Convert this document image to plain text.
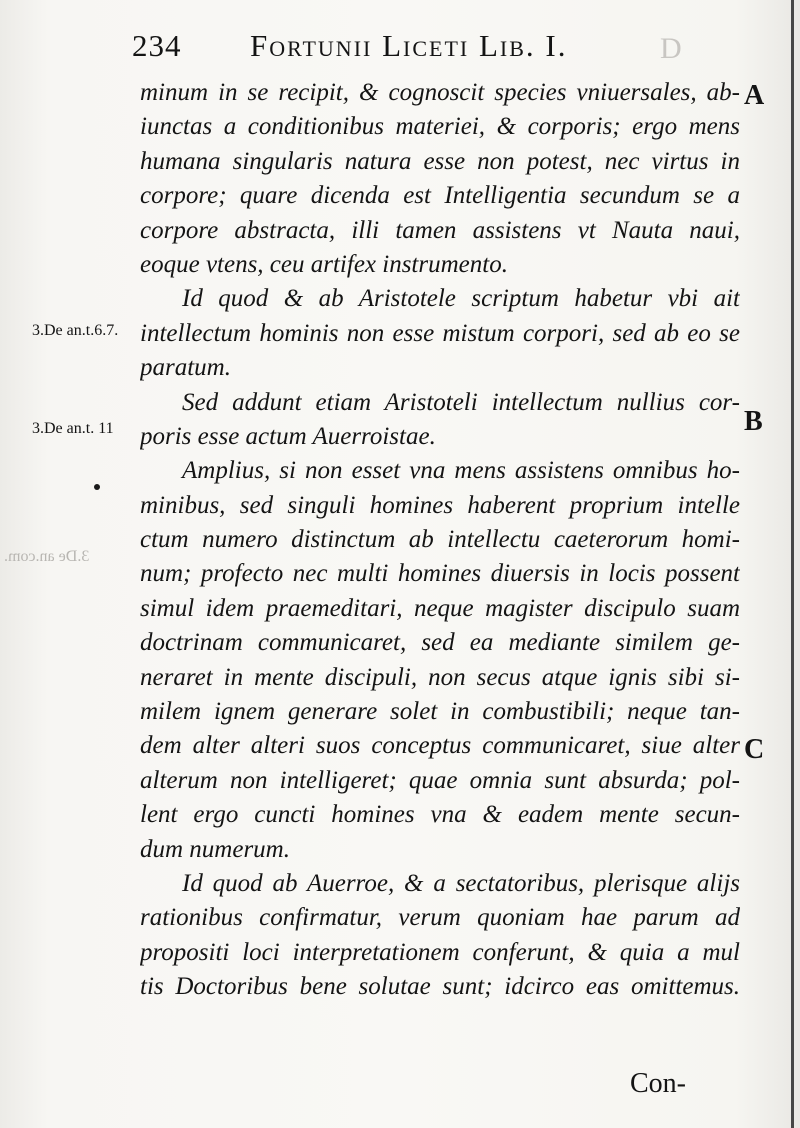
234 Fortunii Liceti Lib. I.	D
3.De an.t.6.7.
3.De an.t. 11
3.De an.com.
A
B
C
minum in se recipit, & cognoscit species vniuersales, ab-
iunctas a conditionibus materiei, & corporis; ergo mens
humana singularis natura esse non potest, nec virtus in
corpore; quare dicenda est Intelligentia secundum se a
corpore abstracta, illi tamen assistens vt Nauta naui,
eoque vtens, ceu artifex instrumento.
Id quod & ab Aristotele scriptum habetur vbi ait
intellectum hominis non esse mistum corpori, sed ab eo se
paratum.
Sed addunt etiam Aristoteli intellectum nullius cor-
poris esse actum Auerroistae.
Amplius, si non esset vna mens assistens omnibus ho-
minibus, sed singuli homines haberent proprium intelle
ctum numero distinctum ab intellectu caeterorum homi-
num; profecto nec multi homines diuersis in locis possent
simul idem praemeditari, neque magister discipulo suam
doctrinam communicaret, sed ea mediante similem ge-
neraret in mente discipuli, non secus atque ignis sibi si-
milem ignem generare solet in combustibili; neque tan-
dem alter alteri suos conceptus communicaret, siue alter
alterum non intelligeret; quae omnia sunt absurda; pol-
lent ergo cuncti homines vna & eadem mente secun-
dum numerum.
Id quod ab Auerroe, & a sectatoribus, plerisque alijs
rationibus confirmatur, verum quoniam hae parum ad
propositi loci interpretationem conferunt, & quia a mul
tis Doctoribus bene solutae sunt; idcirco eas omittemus.
Con-
